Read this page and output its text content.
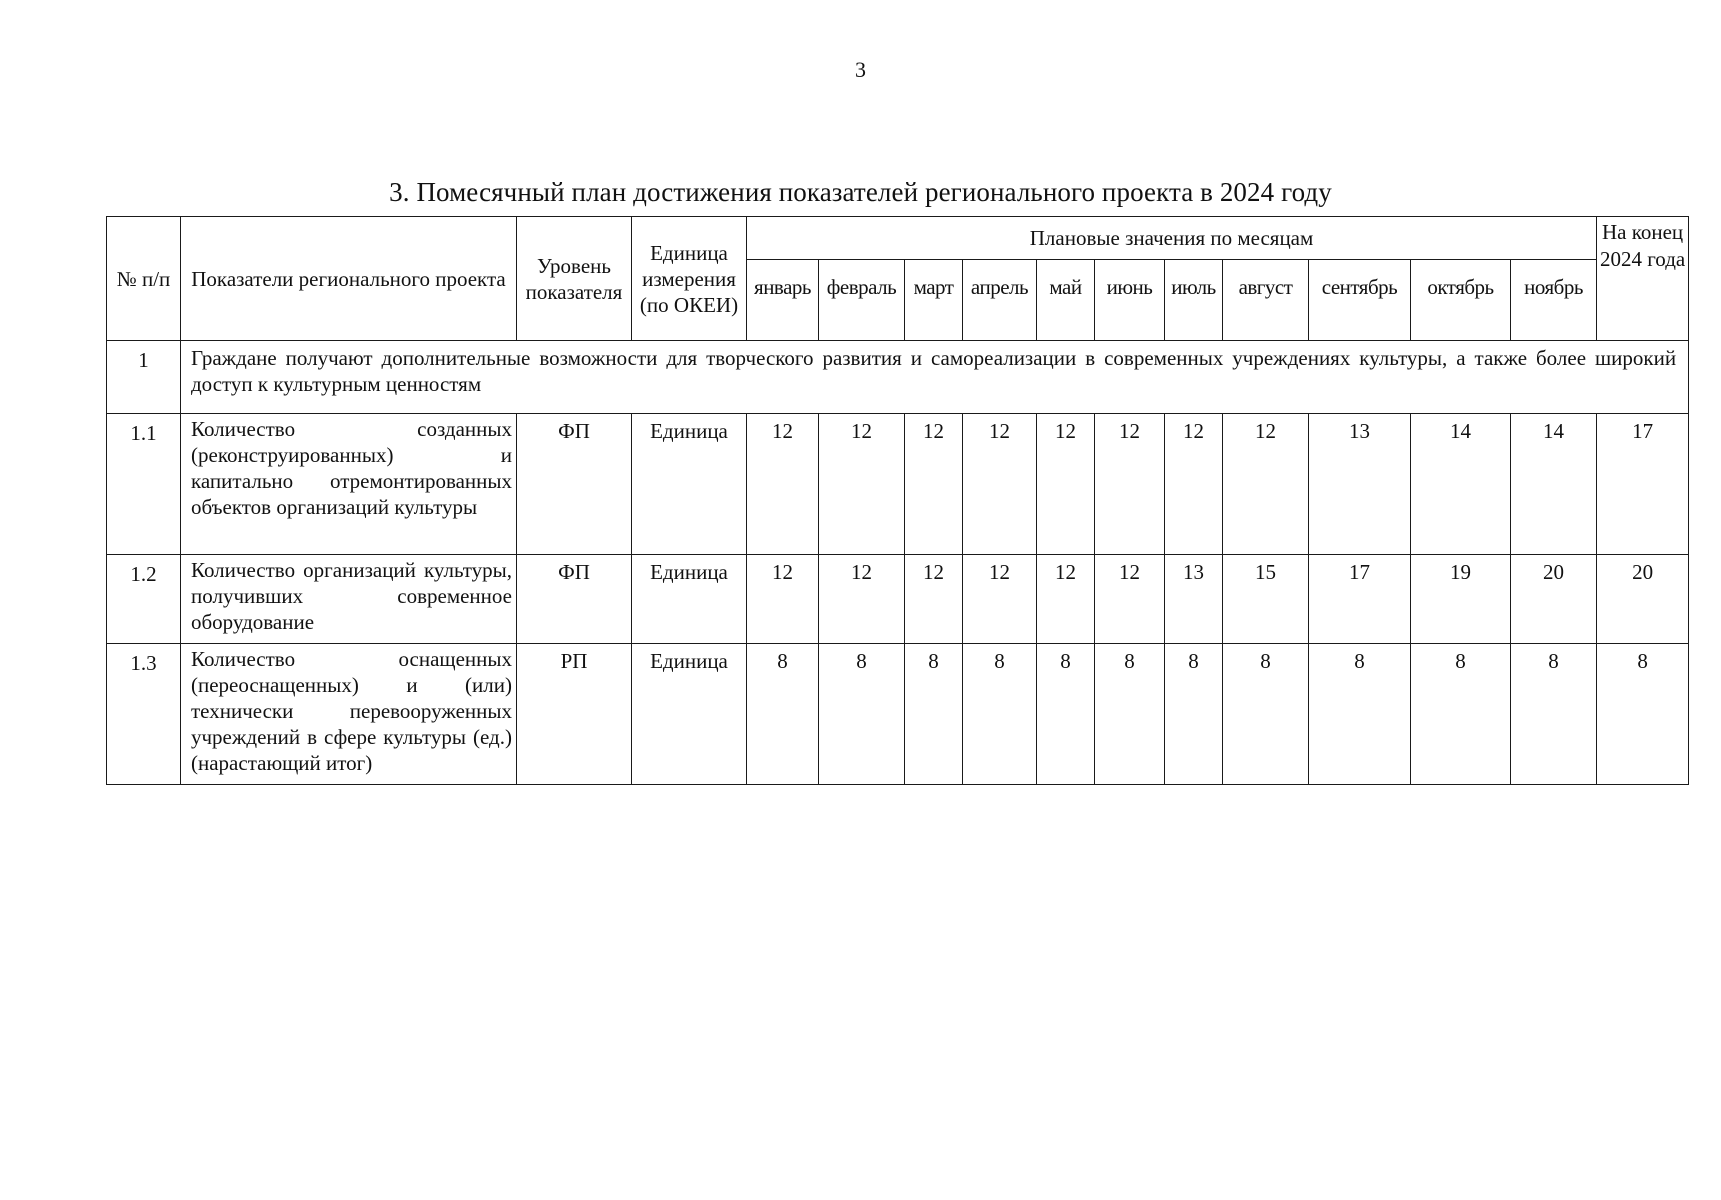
3
3. Помесячный план достижения показателей регионального проекта в 2024 году
№ п/п	Показатели регионального проекта	Уровень показателя	Единица измерения (по ОКЕИ)	Плановые значения по месяцам											На конец 2024 года
				январь	февраль	март	апрель	май	июнь	июль	август	сентябрь	октябрь	ноябрь	
1	Граждане получают дополнительные возможности для творческого развития и самореализации в современных учреждениях культуры, а также более широкий доступ к культурным ценностям														
1.1	Количество созданных (реконструированных) и капитально отремонтированных объектов организаций культуры	ФП	Единица	12	12	12	12	12	12	12	12	13	14	14	17
1.2	Количество организаций культуры, получивших современное оборудование	ФП	Единица	12	12	12	12	12	12	13	15	17	19	20	20
1.3	Количество оснащенных (переоснащенных) и (или) технически перевооруженных учреждений в сфере культуры (ед.) (нарастающий итог)	РП	Единица	8	8	8	8	8	8	8	8	8	8	8	8
